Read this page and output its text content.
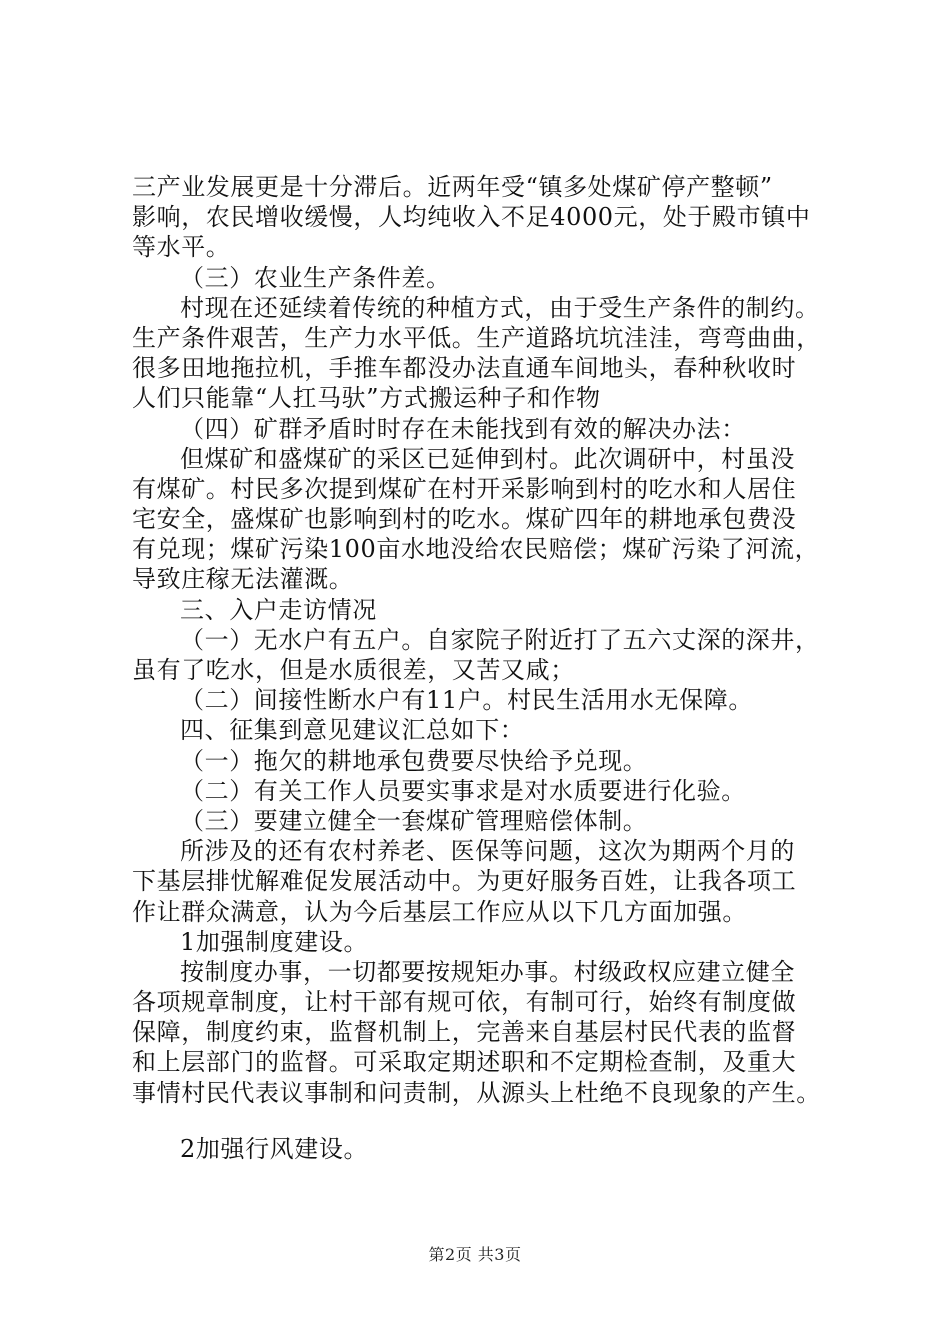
三产业发展更是十分滞后。近两年受“镇多处煤矿停产整顿”
影响，农民增收缓慢，人均纯收入不足4000元，处于殿市镇中
等水平。
（三）农业生产条件差。
村现在还延续着传统的种植方式，由于受生产条件的制约。
生产条件艰苦，生产力水平低。生产道路坑坑洼洼，弯弯曲曲，
很多田地拖拉机，手推车都没办法直通车间地头，春种秋收时
人们只能靠“人扛马驮”方式搬运种子和作物
（四）矿群矛盾时时存在未能找到有效的解决办法：
但煤矿和盛煤矿的采区已延伸到村。此次调研中，村虽没
有煤矿。村民多次提到煤矿在村开采影响到村的吃水和人居住
宅安全，盛煤矿也影响到村的吃水。煤矿四年的耕地承包费没
有兑现；煤矿污染100亩水地没给农民赔偿；煤矿污染了河流，
导致庄稼无法灌溉。
三、入户走访情况
（一）无水户有五户。自家院子附近打了五六丈深的深井，
虽有了吃水，但是水质很差，又苦又咸；
（二）间接性断水户有11户。村民生活用水无保障。
四、征集到意见建议汇总如下：
（一）拖欠的耕地承包费要尽快给予兑现。
（二）有关工作人员要实事求是对水质要进行化验。
（三）要建立健全一套煤矿管理赔偿体制。
所涉及的还有农村养老、医保等问题，这次为期两个月的
下基层排忧解难促发展活动中。为更好服务百姓，让我各项工
作让群众满意，认为今后基层工作应从以下几方面加强。
1加强制度建设。
按制度办事，一切都要按规矩办事。村级政权应建立健全
各项规章制度，让村干部有规可依，有制可行，始终有制度做
保障，制度约束，监督机制上，完善来自基层村民代表的监督
和上层部门的监督。可采取定期述职和不定期检查制，及重大
事情村民代表议事制和问责制，从源头上杜绝不良现象的产生。
2加强行风建设。
第2页 共3页
